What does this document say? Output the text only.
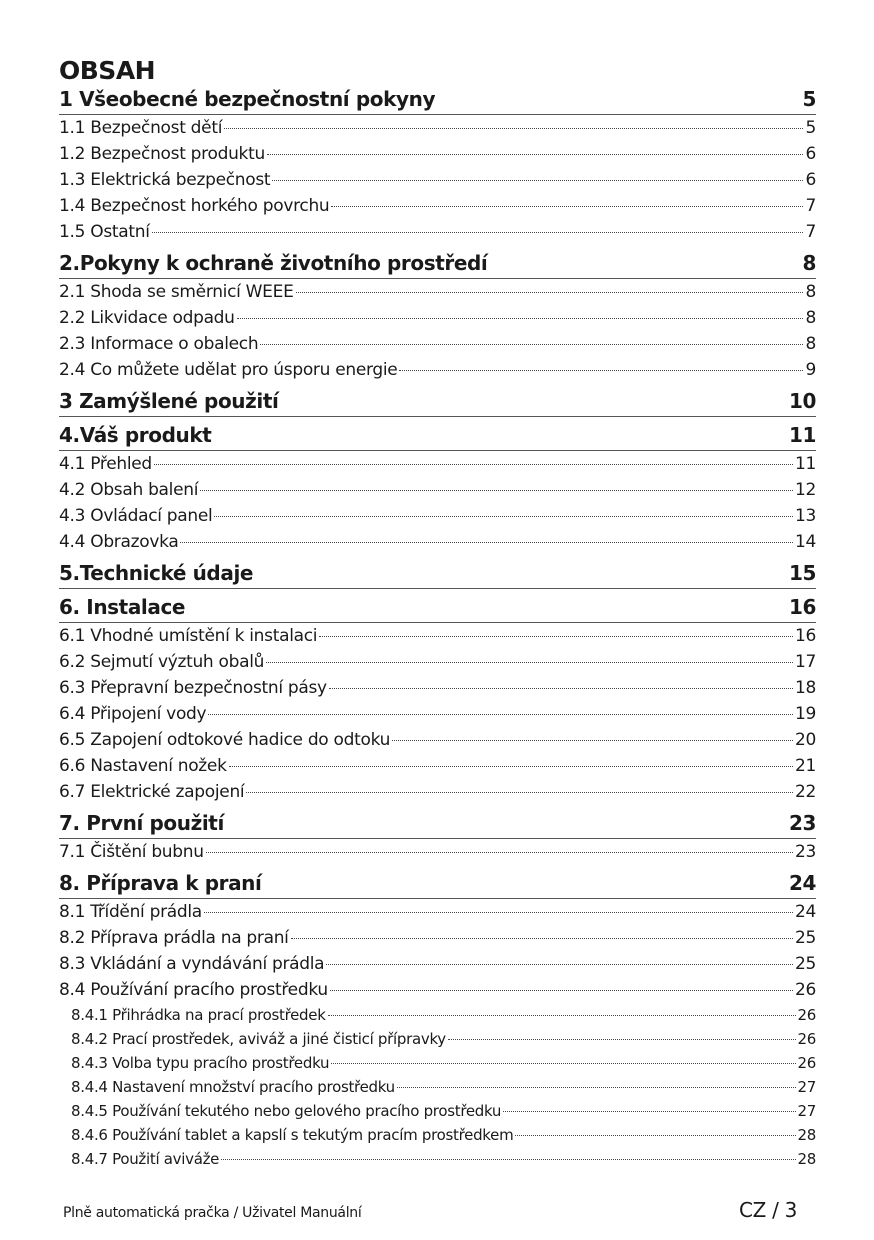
OBSAH
1 Všeobecné bezpečnostní pokyny	5
1.1 Bezpečnost dětí	5
1.2 Bezpečnost produktu	6
1.3 Elektrická bezpečnost	6
1.4 Bezpečnost horkého povrchu	7
1.5 Ostatní	7
2.Pokyny k ochraně životního prostředí	8
2.1 Shoda se směrnicí WEEE	8
2.2 Likvidace odpadu	8
2.3 Informace o obalech	8
2.4 Co můžete udělat pro úsporu energie	9
3 Zamýšlené použití	10
4.Váš produkt	11
4.1 Přehled	11
4.2 Obsah balení	12
4.3 Ovládací panel	13
4.4 Obrazovka	14
5.Technické údaje	15
6. Instalace	16
6.1 Vhodné umístění k instalaci	16
6.2 Sejmutí výztuh obalů	17
6.3 Přepravní bezpečnostní pásy	18
6.4 Připojení vody	19
6.5 Zapojení odtokové hadice do odtoku	20
6.6 Nastavení nožek	21
6.7 Elektrické zapojení	22
7. První použití	23
7.1 Čištění bubnu	23
8. Příprava k praní	24
8.1 Třídění prádla	24
8.2 Příprava prádla na praní	25
8.3 Vkládání a vyndávání prádla	25
8.4 Používání pracího prostředku	26
8.4.1 Přihrádka na prací prostředek	26
8.4.2 Prací prostředek, aviváž a jiné čisticí přípravky	26
8.4.3 Volba typu pracího prostředku	26
8.4.4 Nastavení množství pracího prostředku	27
8.4.5 Používání tekutého nebo gelového pracího prostředku	27
8.4.6 Používání tablet a kapslí s tekutým pracím prostředkem	28
8.4.7 Použití aviváže	28
Plně automatická pračka / Uživatel Manuální	CZ / 3
